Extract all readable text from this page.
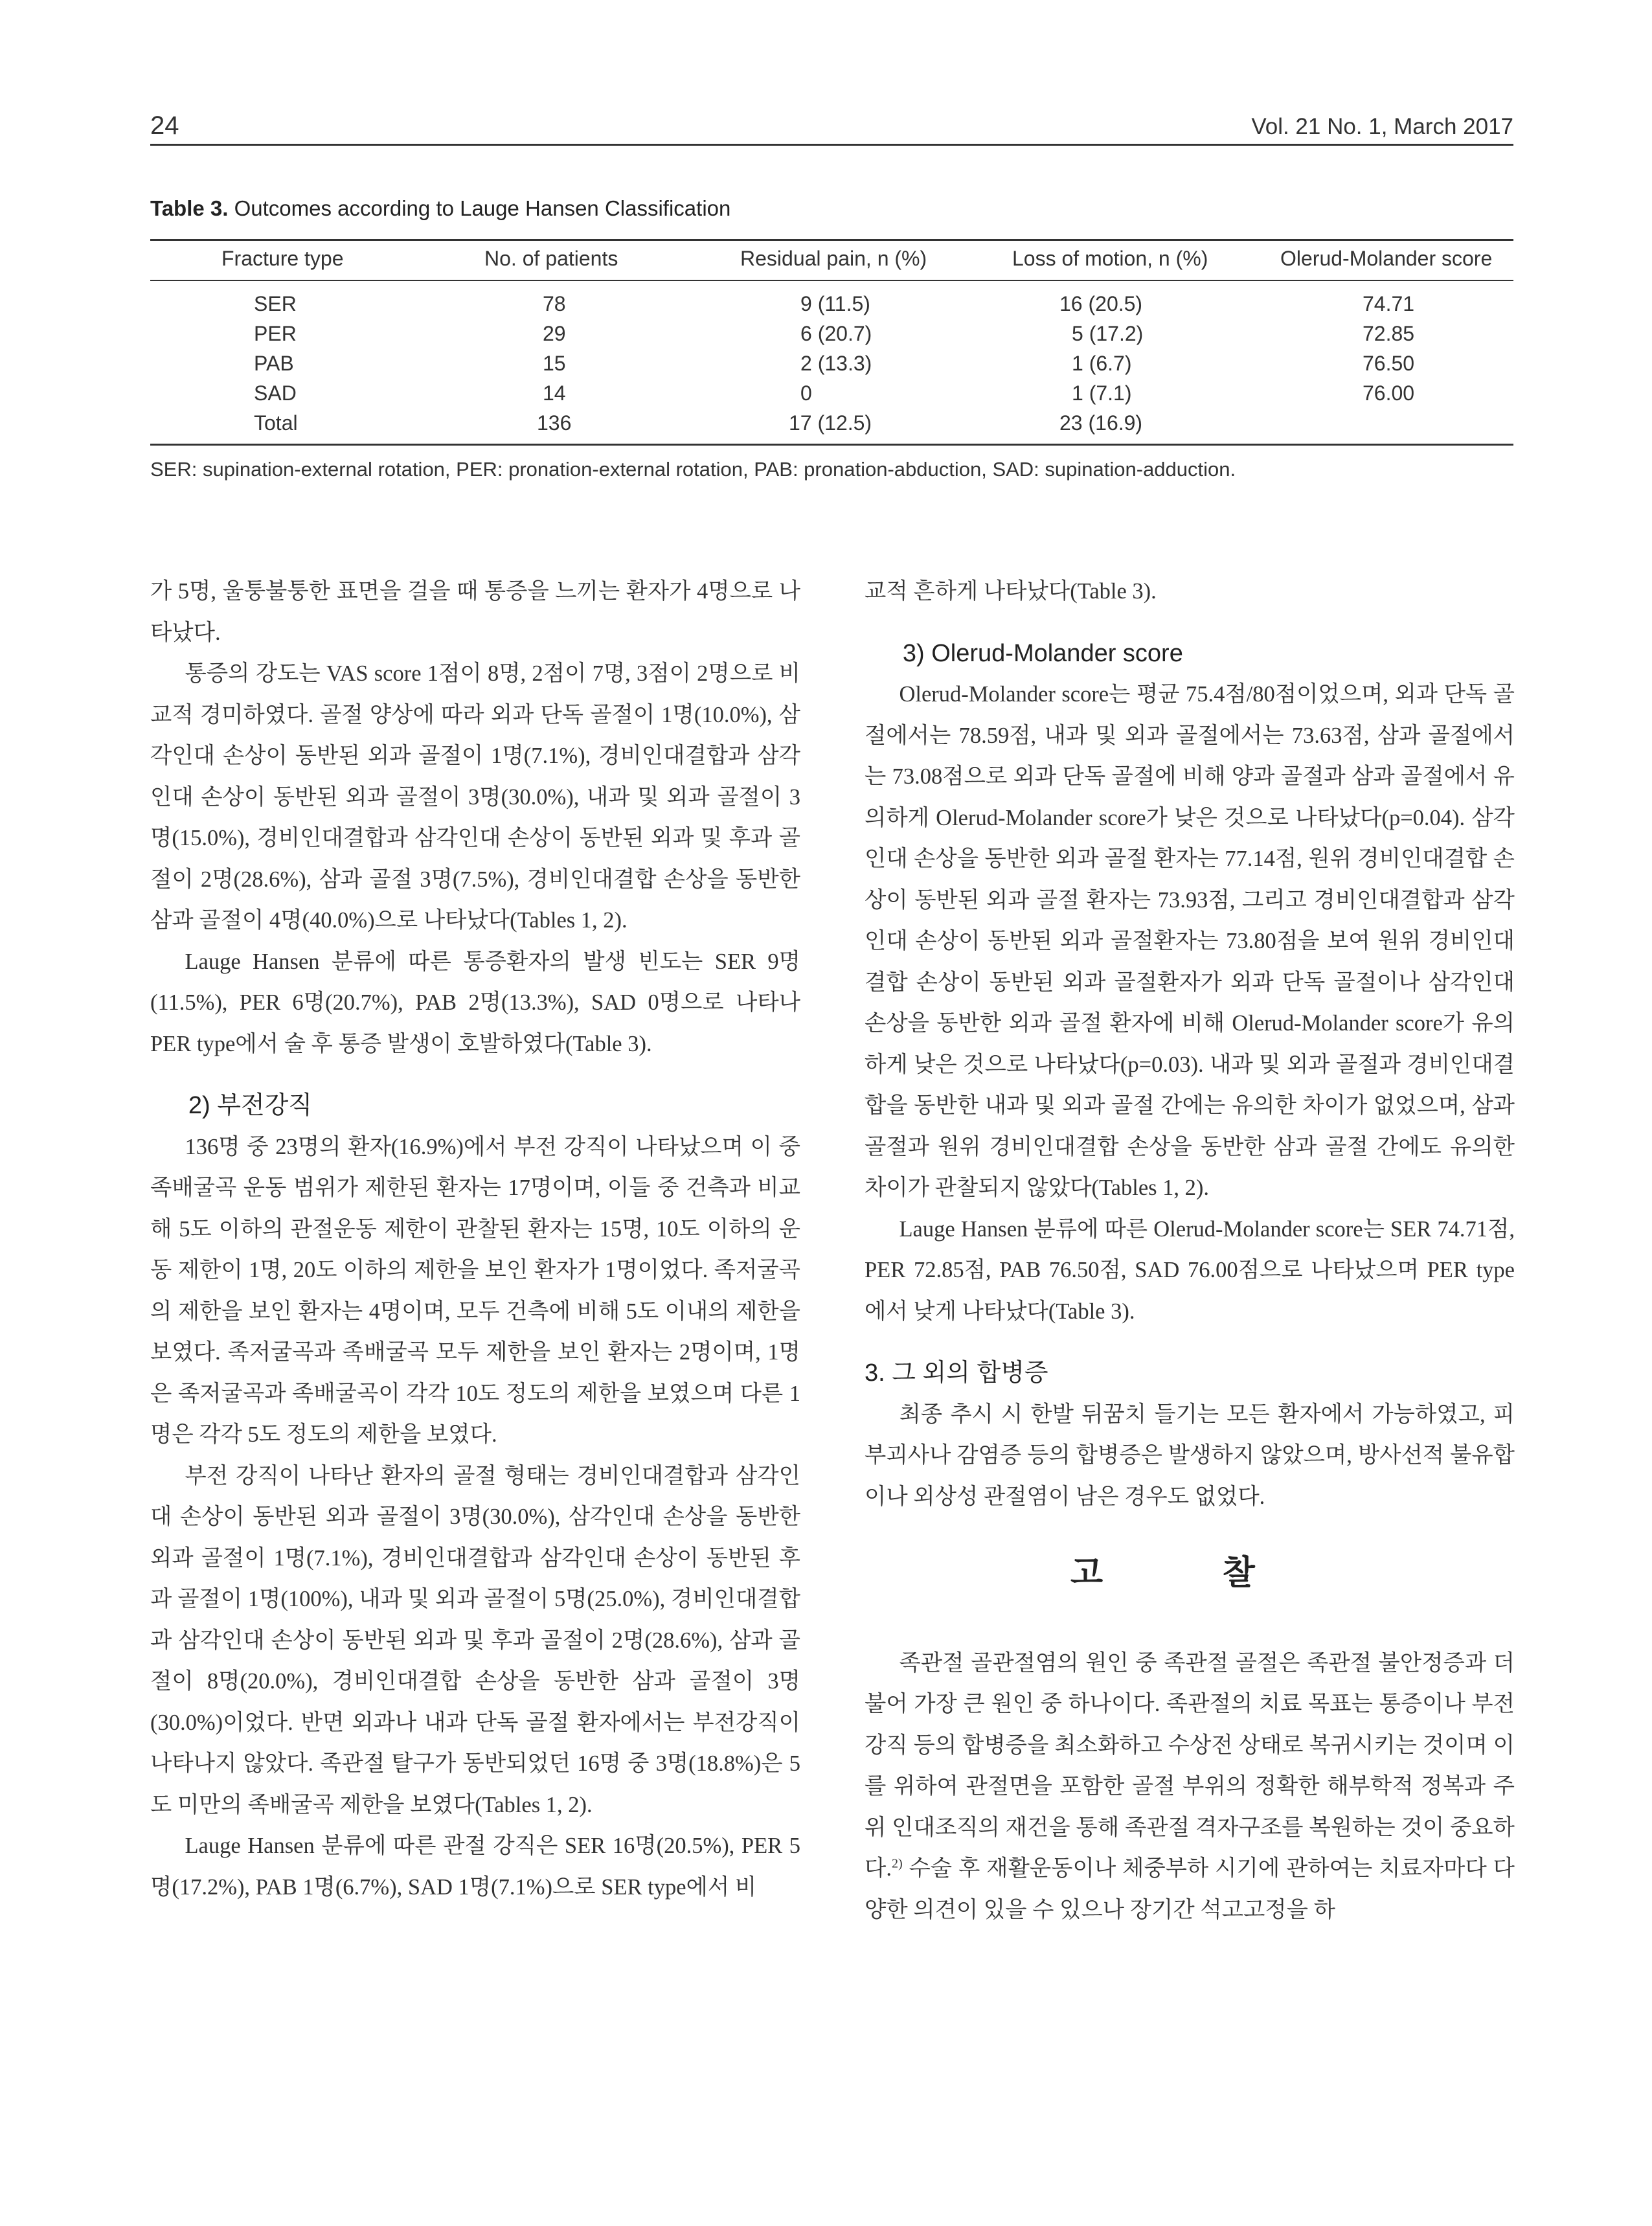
24	Vol. 21 No. 1, March 2017
Table 3. Outcomes according to Lauge Hansen Classification
Fracture type	No. of patients	Residual pain, n (%)	Loss of motion, n (%)	Olerud-Molander score
SER	78	9 (11.5)	16 (20.5)	74.71
PER	29	6 (20.7)	5 (17.2)	72.85
PAB	15	2 (13.3)	1 (6.7)	76.50
SAD	14	0	1 (7.1)	76.00
Total	136	17 (12.5)	23 (16.9)
SER: supination-external rotation, PER: pronation-external rotation, PAB: pronation-abduction, SAD: supination-adduction.

가 5명, 울퉁불퉁한 표면을 걸을 때 통증을 느끼는 환자가 4명으로 나타났다.

통증의 강도는 VAS score 1점이 8명, 2점이 7명, 3점이 2명으로 비교적 경미하였다. 골절 양상에 따라 외과 단독 골절이 1명(10.0%), 삼각인대 손상이 동반된 외과 골절이 1명(7.1%), 경비인대결합과 삼각인대 손상이 동반된 외과 골절이 3명(30.0%), 내과 및 외과 골절이 3명(15.0%), 경비인대결합과 삼각인대 손상이 동반된 외과 및 후과 골절이 2명(28.6%), 삼과 골절 3명(7.5%), 경비인대결합 손상을 동반한 삼과 골절이 4명(40.0%)으로 나타났다(Tables 1, 2).

Lauge Hansen 분류에 따른 통증환자의 발생 빈도는 SER 9명(11.5%), PER 6명(20.7%), PAB 2명(13.3%), SAD 0명으로 나타나 PER type에서 술 후 통증 발생이 호발하였다(Table 3).

2) 부전강직

136명 중 23명의 환자(16.9%)에서 부전 강직이 나타났으며 이 중 족배굴곡 운동 범위가 제한된 환자는 17명이며, 이들 중 건측과 비교해 5도 이하의 관절운동 제한이 관찰된 환자는 15명, 10도 이하의 운동 제한이 1명, 20도 이하의 제한을 보인 환자가 1명이었다. 족저굴곡의 제한을 보인 환자는 4명이며, 모두 건측에 비해 5도 이내의 제한을 보였다. 족저굴곡과 족배굴곡 모두 제한을 보인 환자는 2명이며, 1명은 족저굴곡과 족배굴곡이 각각 10도 정도의 제한을 보였으며 다른 1명은 각각 5도 정도의 제한을 보였다.

부전 강직이 나타난 환자의 골절 형태는 경비인대결합과 삼각인대 손상이 동반된 외과 골절이 3명(30.0%), 삼각인대 손상을 동반한 외과 골절이 1명(7.1%), 경비인대결합과 삼각인대 손상이 동반된 후과 골절이 1명(100%), 내과 및 외과 골절이 5명(25.0%), 경비인대결합과 삼각인대 손상이 동반된 외과 및 후과 골절이 2명(28.6%), 삼과 골절이 8명(20.0%), 경비인대결합 손상을 동반한 삼과 골절이 3명(30.0%)이었다. 반면 외과나 내과 단독 골절 환자에서는 부전강직이 나타나지 않았다. 족관절 탈구가 동반되었던 16명 중 3명(18.8%)은 5도 미만의 족배굴곡 제한을 보였다(Tables 1, 2).

Lauge Hansen 분류에 따른 관절 강직은 SER 16명(20.5%), PER 5명(17.2%), PAB 1명(6.7%), SAD 1명(7.1%)으로 SER type에서 비

교적 흔하게 나타났다(Table 3).

3) Olerud-Molander score

Olerud-Molander score는 평균 75.4점/80점이었으며, 외과 단독 골절에서는 78.59점, 내과 및 외과 골절에서는 73.63점, 삼과 골절에서는 73.08점으로 외과 단독 골절에 비해 양과 골절과 삼과 골절에서 유의하게 Olerud-Molander score가 낮은 것으로 나타났다(p=0.04). 삼각인대 손상을 동반한 외과 골절 환자는 77.14점, 원위 경비인대결합 손상이 동반된 외과 골절 환자는 73.93점, 그리고 경비인대결합과 삼각인대 손상이 동반된 외과 골절환자는 73.80점을 보여 원위 경비인대결합 손상이 동반된 외과 골절환자가 외과 단독 골절이나 삼각인대 손상을 동반한 외과 골절 환자에 비해 Olerud-Molander score가 유의하게 낮은 것으로 나타났다(p=0.03). 내과 및 외과 골절과 경비인대결합을 동반한 내과 및 외과 골절 간에는 유의한 차이가 없었으며, 삼과 골절과 원위 경비인대결합 손상을 동반한 삼과 골절 간에도 유의한 차이가 관찰되지 않았다(Tables 1, 2).

Lauge Hansen 분류에 따른 Olerud-Molander score는 SER 74.71점, PER 72.85점, PAB 76.50점, SAD 76.00점으로 나타났으며 PER type에서 낮게 나타났다(Table 3).

3. 그 외의 합병증

최종 추시 시 한발 뒤꿈치 들기는 모든 환자에서 가능하였고, 피부괴사나 감염증 등의 합병증은 발생하지 않았으며, 방사선적 불유합이나 외상성 관절염이 남은 경우도 없었다.

고 찰

족관절 골관절염의 원인 중 족관절 골절은 족관절 불안정증과 더불어 가장 큰 원인 중 하나이다. 족관절의 치료 목표는 통증이나 부전강직 등의 합병증을 최소화하고 수상전 상태로 복귀시키는 것이며 이를 위하여 관절면을 포함한 골절 부위의 정확한 해부학적 정복과 주위 인대조직의 재건을 통해 족관절 격자구조를 복원하는 것이 중요하다.$^{2)}$ 수술 후 재활운동이나 체중부하 시기에 관하여는 치료자마다 다양한 의견이 있을 수 있으나 장기간 석고고정을 하
